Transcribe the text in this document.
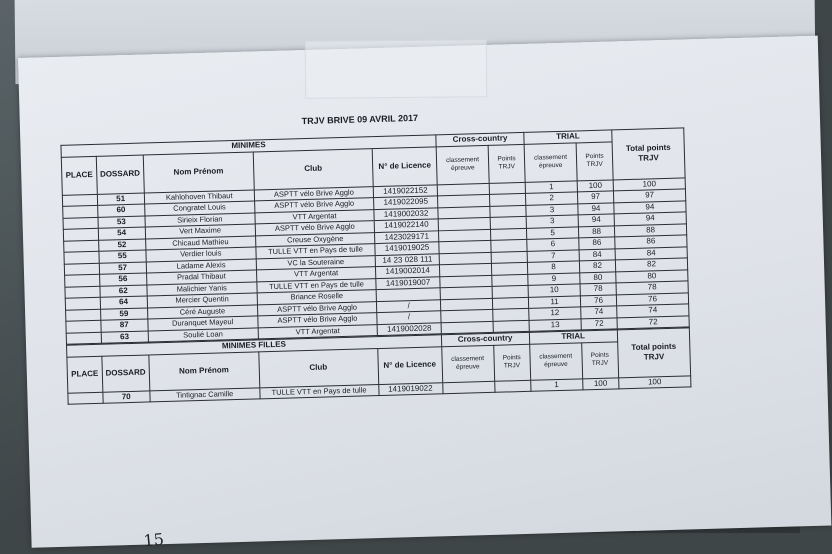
TRJV BRIVE 09 AVRIL 2017
MINIMES					Cross-country		TRIAL		Total points TRJV
PLACE	DOSSARD	Nom Prénom	Club	N° de Licence	classement épreuve	Points TRJV	classement épreuve	Points TRJV	
	51	Kahlohoven Thibaut	ASPTT vélo Brive Agglo	1419022152			1	100	100
	60	Congratel Louis	ASPTT vélo Brive Agglo	1419022095			2	97	97
	53	Sirieix Florian	VTT Argentat	1419002032			3	94	94
	54	Vert Maxime	ASPTT vélo Brive Agglo	1419022140			3	94	94
	52	Chicaud Mathieu	Creuse Oxygène	1423029171			5	88	88
	55	Verdier louis	TULLE VTT en Pays de tulle	1419019025			6	86	86
	57	Ladame Alexis	VC la Souteraine	14 23 028 111			7	84	84
	56	Pradal Thibaut	VTT Argentat	1419002014			8	82	82
	62	Malichier Yanis	TULLE VTT en Pays de tulle	1419019007			9	80	80
	64	Mercier Quentin	Briance Roselle				10	78	78
	59	Céré Auguste	ASPTT vélo Brive Agglo	/			11	76	76
	87	Duranquet Mayeul	ASPTT vélo Brive Agglo	/			12	74	74
	63	Soulié Loan	VTT Argentat	1419002028			13	72	72
MINIMES FILLES					Cross-country		TRIAL		Total points TRJV
PLACE	DOSSARD	Nom Prénom	Club	N° de Licence	classement épreuve	Points TRJV	classement épreuve	Points TRJV	
	70	Tintignac Camille	TULLE VTT en Pays de tulle	1419019022			1	100	100
15
